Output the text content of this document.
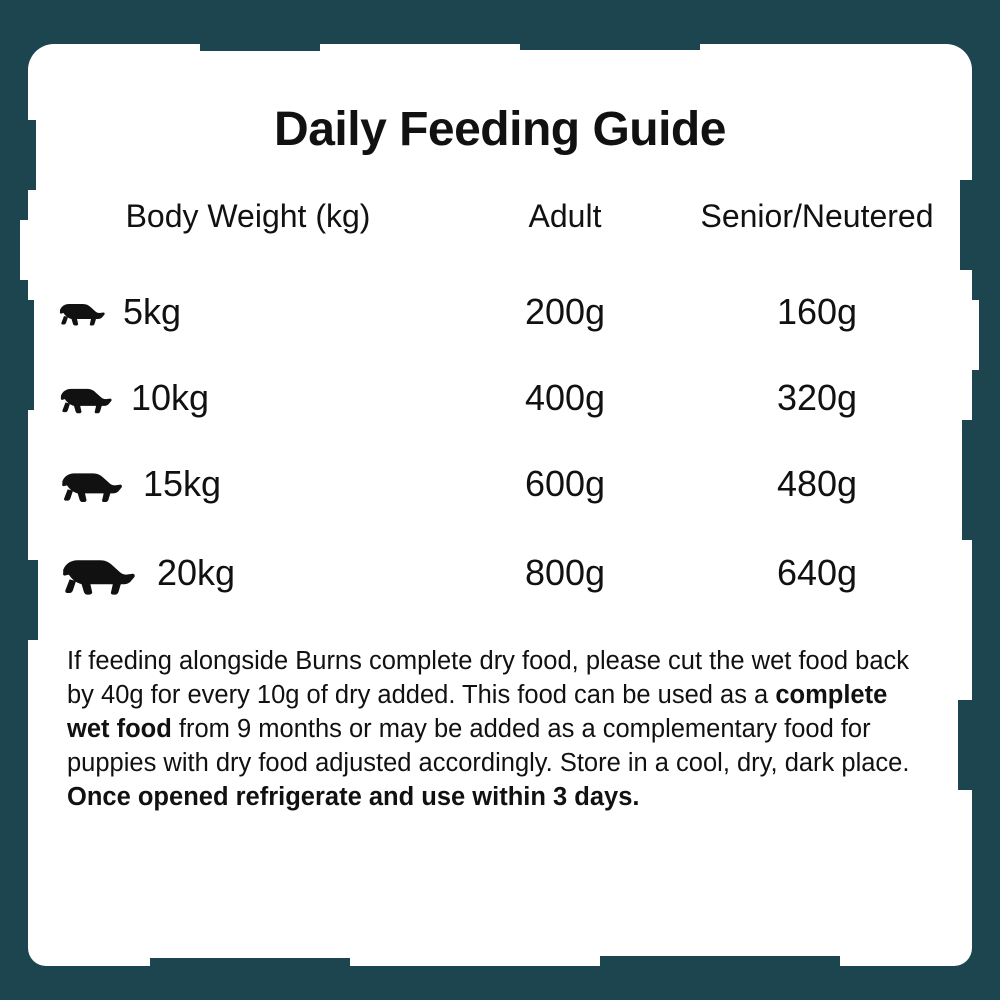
Daily Feeding Guide
Body Weight (kg)	Adult	Senior/Neutered

5kg	200g	160g

10kg	400g	320g

15kg	600g	480g

20kg	800g	640g

If feeding alongside Burns complete dry food, please cut the wet food back by 40g for every 10g of dry added. This food can be used as a complete wet food from 9 months or may be added as a complementary food for puppies with dry food adjusted accordingly. Store in a cool, dry, dark place. Once opened refrigerate and use within 3 days.
